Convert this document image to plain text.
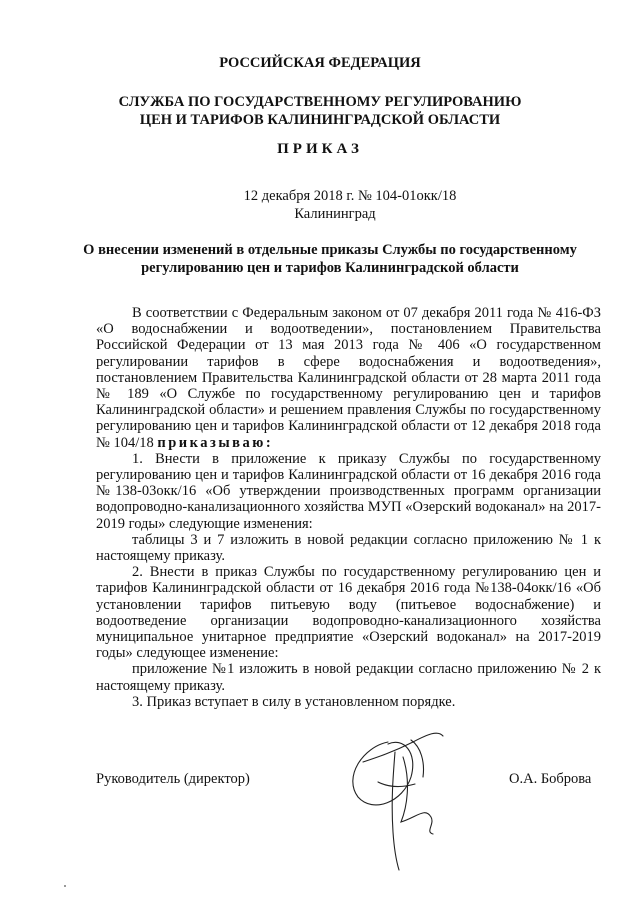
РОССИЙСКАЯ ФЕДЕРАЦИЯ
СЛУЖБА ПО ГОСУДАРСТВЕННОМУ РЕГУЛИРОВАНИЮ
ЦЕН И ТАРИФОВ КАЛИНИНГРАДСКОЙ ОБЛАСТИ
ПРИКАЗ
12 декабря 2018 г. № 104-01окк/18
Калининград
О внесении изменений в отдельные приказы Службы по государственному
регулированию цен и тарифов Калининградской области

В соответствии с Федеральным законом от 07 декабря 2011 года № 416-ФЗ «О водоснабжении и водоотведении», постановлением Правительства Российской Федерации от 13 мая 2013 года № 406 «О государственном регулировании тарифов в сфере водоснабжения и водоотведения», постановлением Правительства Калининградской области от 28 марта 2011 года № 189 «О Службе по государственному регулированию цен и тарифов Калининградской области» и решением правления Службы по государственному регулированию цен и тарифов Калининградской области от 12 декабря 2018 года № 104/18 приказываю:

1. Внести в приложение к приказу Службы по государственному регулированию цен и тарифов Калининградской области от 16 декабря 2016 года №138-03окк/16 «Об утверждении производственных программ организации водопроводно-канализационного хозяйства МУП «Озерский водоканал» на 2017-2019 годы» следующие изменения:

таблицы 3 и 7 изложить в новой редакции согласно приложению № 1 к настоящему приказу.

2. Внести в приказ Службы по государственному регулированию цен и тарифов Калининградской области от 16 декабря 2016 года №138-04окк/16 «Об установлении тарифов питьевую воду (питьевое водоснабжение) и водоотведение организации водопроводно-канализационного хозяйства муниципальное унитарное предприятие «Озерский водоканал» на 2017-2019 годы» следующее изменение:

приложение №1 изложить в новой редакции согласно приложению № 2 к настоящему приказу.

3. Приказ вступает в силу в установленном порядке.

Руководитель (директор)	О.А. Боброва
